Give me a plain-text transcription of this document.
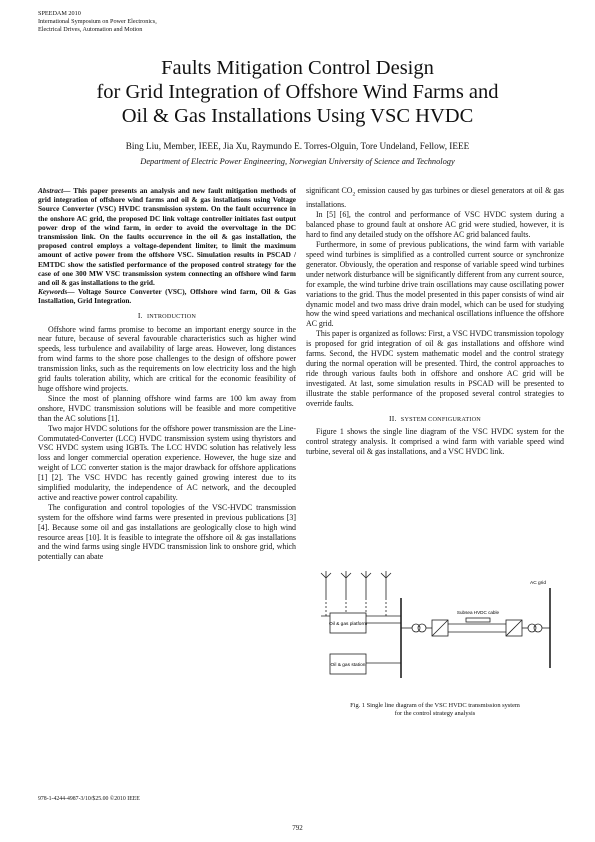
SPEEDAM 2010
International Symposium on Power Electronics,
Electrical Drives, Automation and Motion
Faults Mitigation Control Design
for Grid Integration of Offshore Wind Farms and
Oil & Gas Installations Using VSC HVDC
Bing Liu, Member, IEEE, Jia Xu, Raymundo E. Torres-Olguin, Tore Undeland, Fellow, IEEE
Department of Electric Power Engineering, Norwegian University of Science and Technology

Abstract— This paper presents an analysis and new fault mitigation methods of grid integration of offshore wind farms and oil & gas installations using Voltage Source Converter (VSC) HVDC transmission system. On the fault occurrence in the onshore AC grid, the proposed DC link voltage controller initiates fast output power drop of the wind farm, in order to avoid the overvoltage in the DC transmission link. On the faults occurrence in the oil & gas installation, the proposed control employs a voltage-dependent limiter, to limit the maximum amount of active power from the offshore VSC. Simulation results in PSCAD / EMTDC show the satisfied performance of the proposed control strategy for the case of one 300 MW VSC transmission system connecting an offshore wind farm and oil & gas installations to the grid.

Keywords— Voltage Source Converter (VSC), Offshore wind farm, Oil & Gas Installation, Grid Integration.

I. INTRODUCTION

Offshore wind farms promise to become an important energy source in the near future, because of several favourable characteristics such as higher wind speeds, less turbulence and availability of large areas. However, long distances from wind farms to the shore pose challenges to the design of offshore power transmission links, such as the requirements on low electricity loss and the high grid faults toleration ability, which are critical for the economic feasibility of huge offshore wind projects.

Since the most of planning offshore wind farms are 100 km away from onshore, HVDC transmission solutions will be feasible and more competitive than the AC solutions [1].

Two major HVDC solutions for the offshore power transmission are the Line-Commutated-Converter (LCC) HVDC transmission system using thyristors and VSC HVDC system using IGBTs. The LCC HVDC solution has relatively less loss and longer commercial operation experience. However, the huge size and weight of LCC converter station is the major drawback for offshore applications [1] [2]. The VSC HVDC has recently gained growing interest due to its simplified modularity, the independence of AC network, and the decoupled active and reactive power control capability.

The configuration and control topologies of the VSC-HVDC transmission system for the offshore wind farms were presented in previous publications [3] [4]. Because some oil and gas installations are geologically close to high wind resource areas [10]. It is feasible to integrate the offshore oil & gas installations and the wind farms using single HVDC transmission link to onshore grid, which potentially can abate

significant $CO_2$ emission caused by gas turbines or diesel generators at oil & gas installations.

In [5] [6], the control and performance of VSC HVDC system during a balanced phase to ground fault at onshore AC grid were studied, however, it is hard to find any detailed study on the offshore AC grid balanced faults.

Furthermore, in some of previous publications, the wind farm with variable speed wind turbines is simplified as a controlled current source or synchronize generator. Obviously, the operation and response of variable speed wind turbines under network disturbance will be significantly different from any current source, for example, the wind turbine drive train oscillations may cause oscillating power variations to the grid. Thus the model presented in this paper consists of wind air dynamic model and two mass drive drain model, which can be used for studying how the wind speed variations and mechanical oscillations influence the offshore AC grid.

This paper is organized as follows: First, a VSC HVDC transmission topology is proposed for grid integration of oil & gas installations and offshore wind farms. Second, the HVDC system mathematic model and the control strategy during the normal operation will be presented. Third, the control approaches to ride through various faults both in offshore and onshore AC grid will be investigated. At last, some simulation results in PSCAD will be presented to illustrate the stable performance of the proposed several control strategies to override faults.

II. SYSTEM CONFIGURATION

Figure 1 shows the single line diagram of the VSC HVDC system for the control strategy analysis. It comprised a wind farm with variable speed wind turbine, several oil & gas installations, and a VSC HVDC link.

Oil & gas platform
Oil & gas station
Subsea HVDC cable
AC grid
Fig. 1 Single line diagram of the VSC HVDC transmission system
for the control strategy analysis
978-1-4244-4987-3/10/$25.00 ©2010 IEEE
792
